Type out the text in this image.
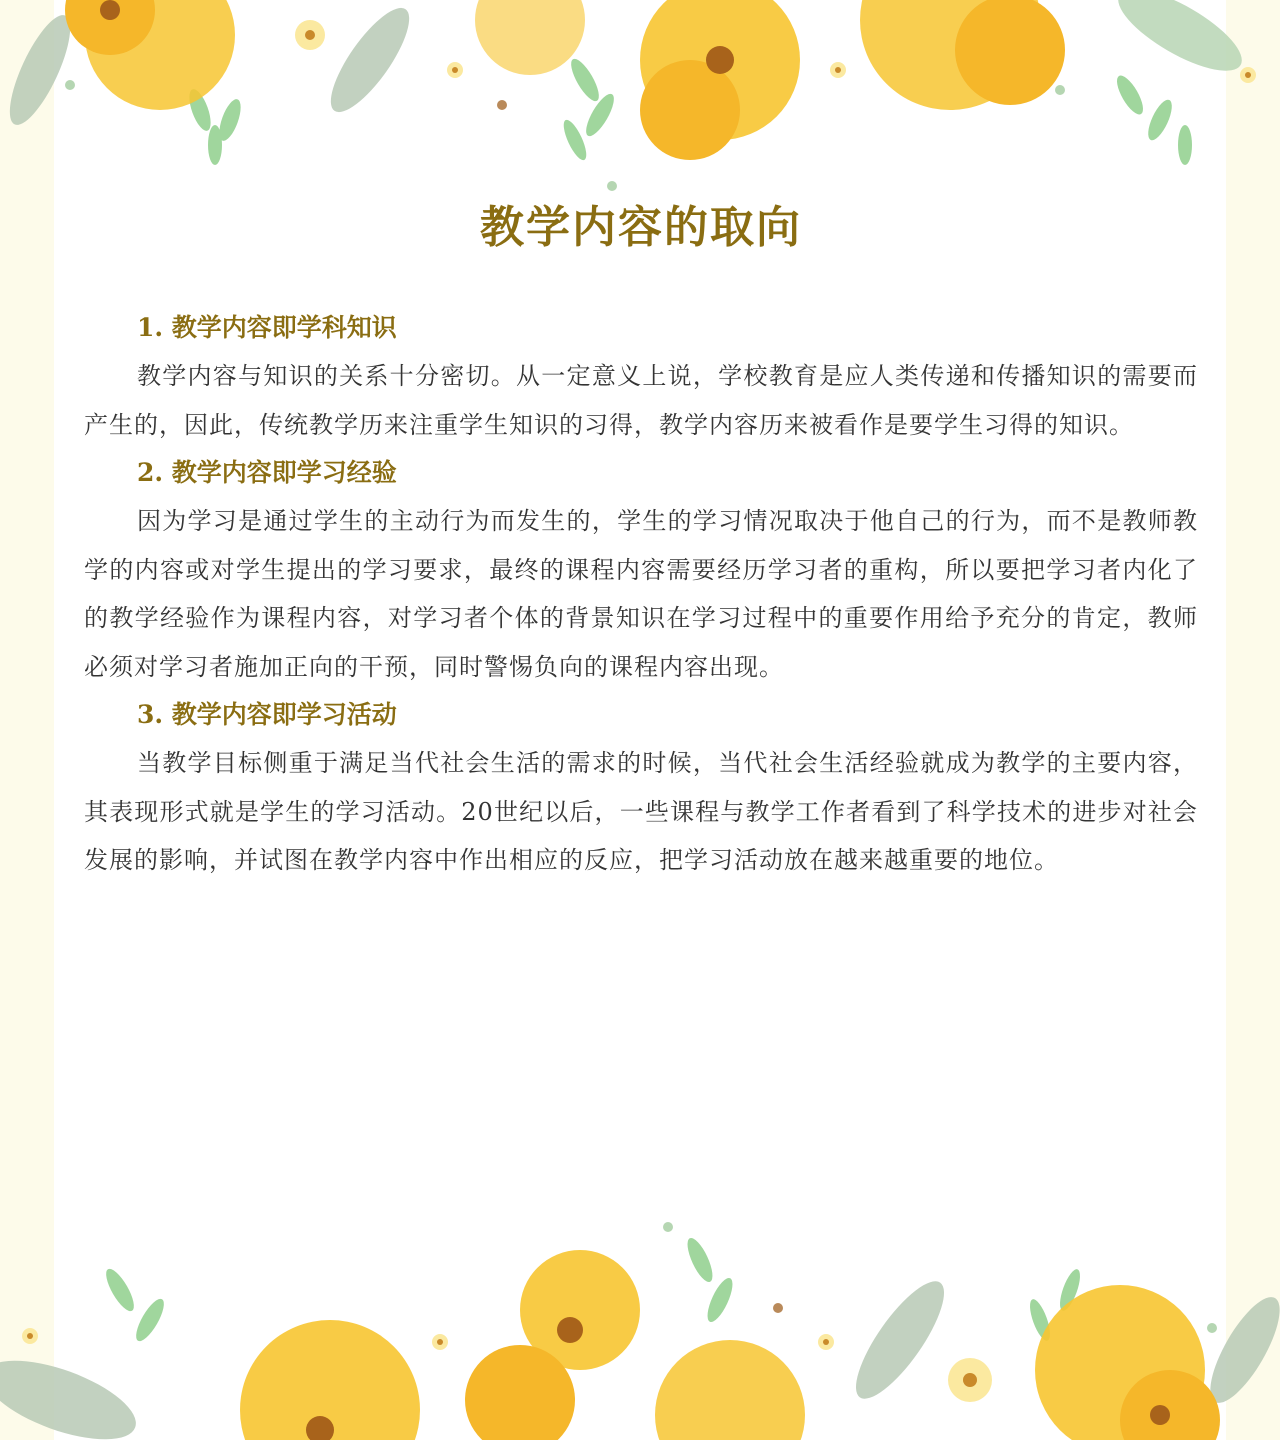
教学内容的取向
1. 教学内容即学科知识

教学内容与知识的关系十分密切。从一定意义上说，学校教育是应人类传递和传播知识的需要而产生的，因此，传统教学历来注重学生知识的习得，教学内容历来被看作是要学生习得的知识。

2. 教学内容即学习经验

因为学习是通过学生的主动行为而发生的，学生的学习情况取决于他自己的行为，而不是教师教学的内容或对学生提出的学习要求，最终的课程内容需要经历学习者的重构，所以要把学习者内化了的教学经验作为课程内容，对学习者个体的背景知识在学习过程中的重要作用给予充分的肯定，教师必须对学习者施加正向的干预，同时警惕负向的课程内容出现。

3. 教学内容即学习活动

当教学目标侧重于满足当代社会生活的需求的时候，当代社会生活经验就成为教学的主要内容，其表现形式就是学生的学习活动。20世纪以后，一些课程与教学工作者看到了科学技术的进步对社会发展的影响，并试图在教学内容中作出相应的反应，把学习活动放在越来越重要的地位。
